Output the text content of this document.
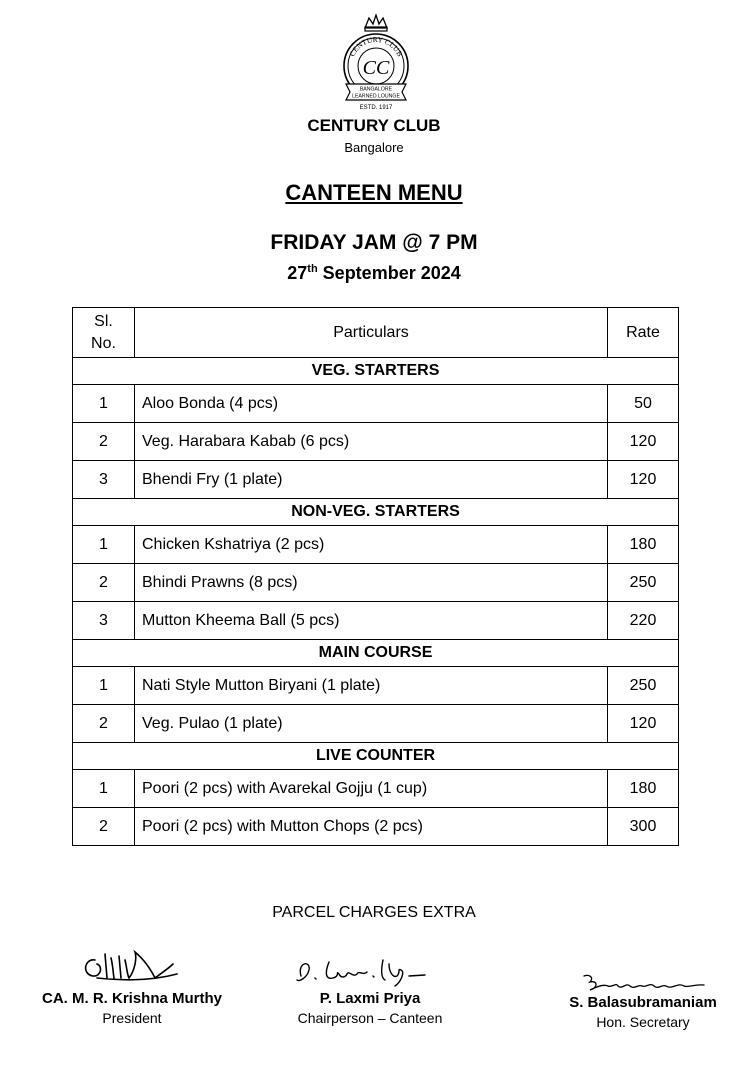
CENTURY CLUB
CC
BANGALORE
LEARNED LOUNGE
ESTD. 1917
CENTURY CLUB
Bangalore
CANTEEN MENU
FRIDAY JAM @ 7 PM
27th September 2024
Sl.
No.	Particulars	Rate
VEG. STARTERS		
1	Aloo Bonda (4 pcs)	50
2	Veg. Harabara Kabab (6 pcs)	120
3	Bhendi Fry (1 plate)	120
NON-VEG. STARTERS		
1	Chicken Kshatriya (2 pcs)	180
2	Bhindi Prawns (8 pcs)	250
3	Mutton Kheema Ball (5 pcs)	220
MAIN COURSE		
1	Nati Style Mutton Biryani (1 plate)	250
2	Veg. Pulao (1 plate)	120
LIVE COUNTER		
1	Poori (2 pcs) with Avarekal Gojju (1 cup)	180
2	Poori (2 pcs) with Mutton Chops (2 pcs)	300
PARCEL CHARGES EXTRA
CA. M. R. Krishna Murthy
President
P. Laxmi Priya
Chairperson – Canteen
S. Balasubramaniam
Hon. Secretary
